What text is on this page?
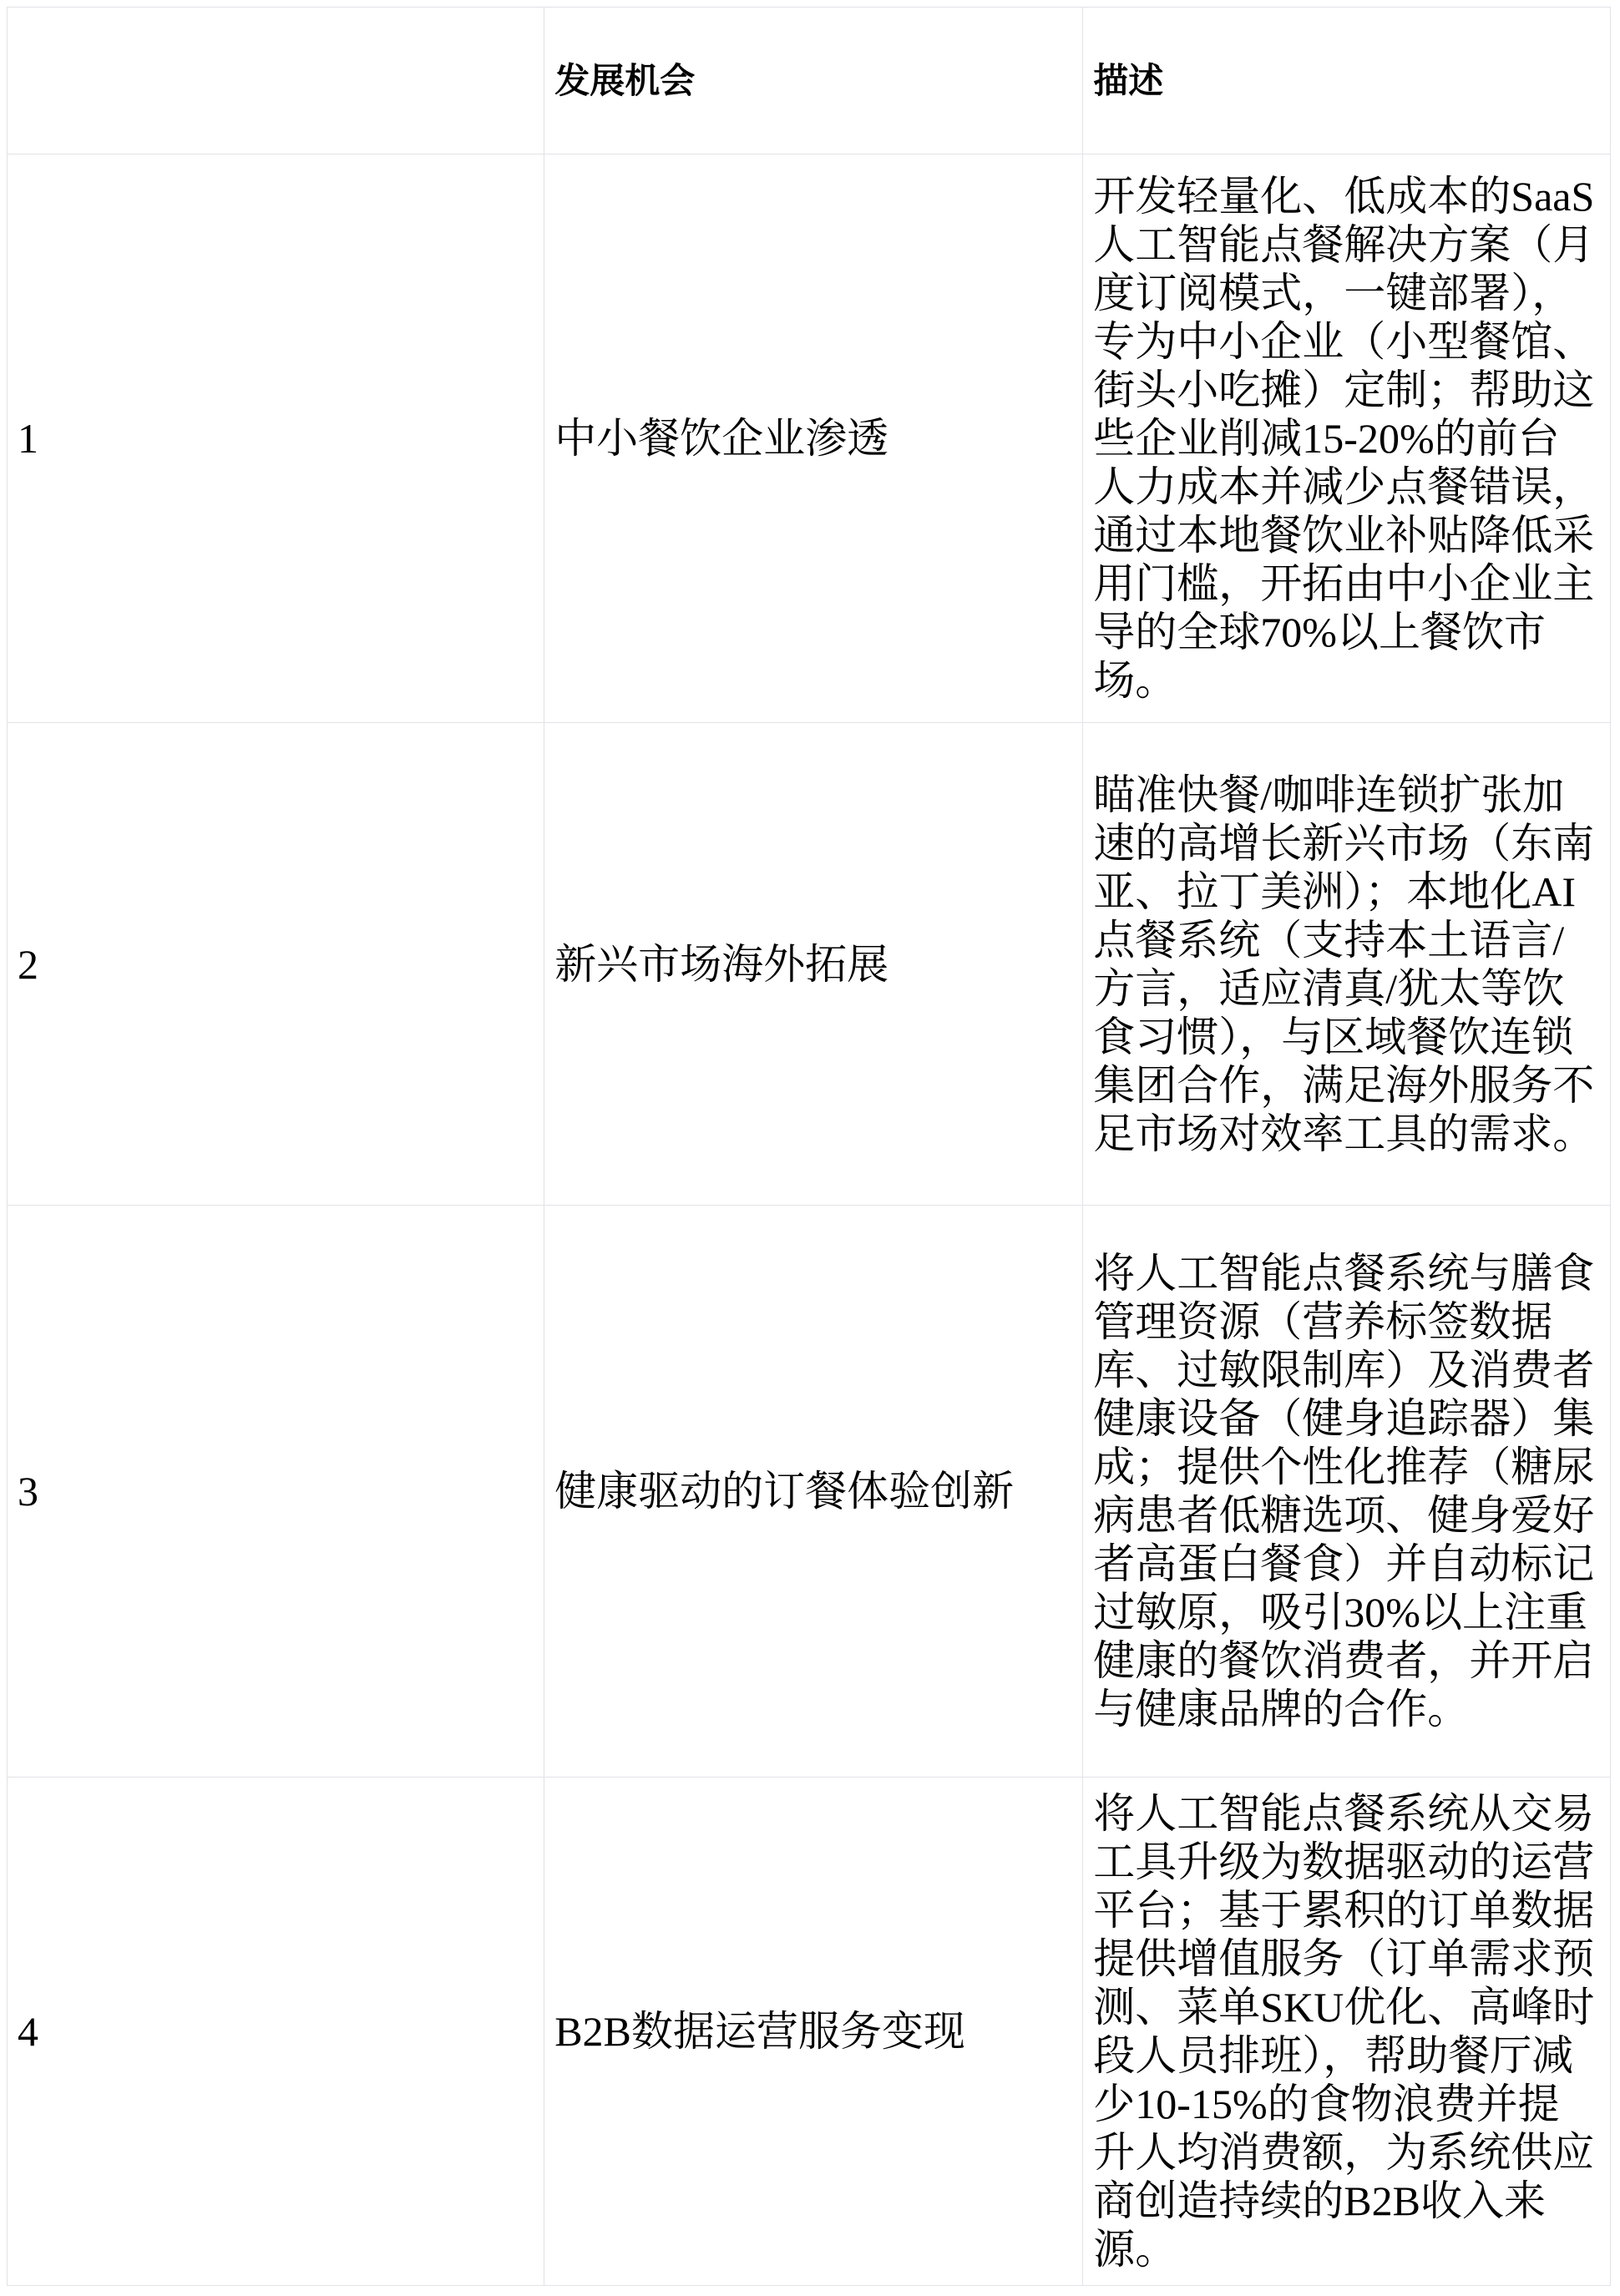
	发展机会	描述
1	中小餐饮企业渗透	开发轻量化、低成本的SaaS人工智能点餐解决方案（月度订阅模式，一键部署），专为中小企业（小型餐馆、街头小吃摊）定制；帮助这些企业削减15-20%的前台人力成本并减少点餐错误，通过本地餐饮业补贴降低采用门槛，开拓由中小企业主导的全球70%以上餐饮市场。
2	新兴市场海外拓展	瞄准快餐/咖啡连锁扩张加速的高增长新兴市场（东南亚、拉丁美洲）；本地化AI点餐系统（支持本土语言/方言，适应清真/犹太等饮食习惯），与区域餐饮连锁集团合作，满足海外服务不足市场对效率工具的需求。
3	健康驱动的订餐体验创新	将人工智能点餐系统与膳食管理资源（营养标签数据库、过敏限制库）及消费者健康设备（健身追踪器）集成；提供个性化推荐（糖尿病患者低糖选项、健身爱好者高蛋白餐食）并自动标记过敏原，吸引30%以上注重健康的餐饮消费者，并开启与健康品牌的合作。
4	B2B数据运营服务变现	将人工智能点餐系统从交易工具升级为数据驱动的运营平台；基于累积的订单数据提供增值服务（订单需求预测、菜单SKU优化、高峰时段人员排班），帮助餐厅减少10-15%的食物浪费并提升人均消费额，为系统供应商创造持续的B2B收入来源。
